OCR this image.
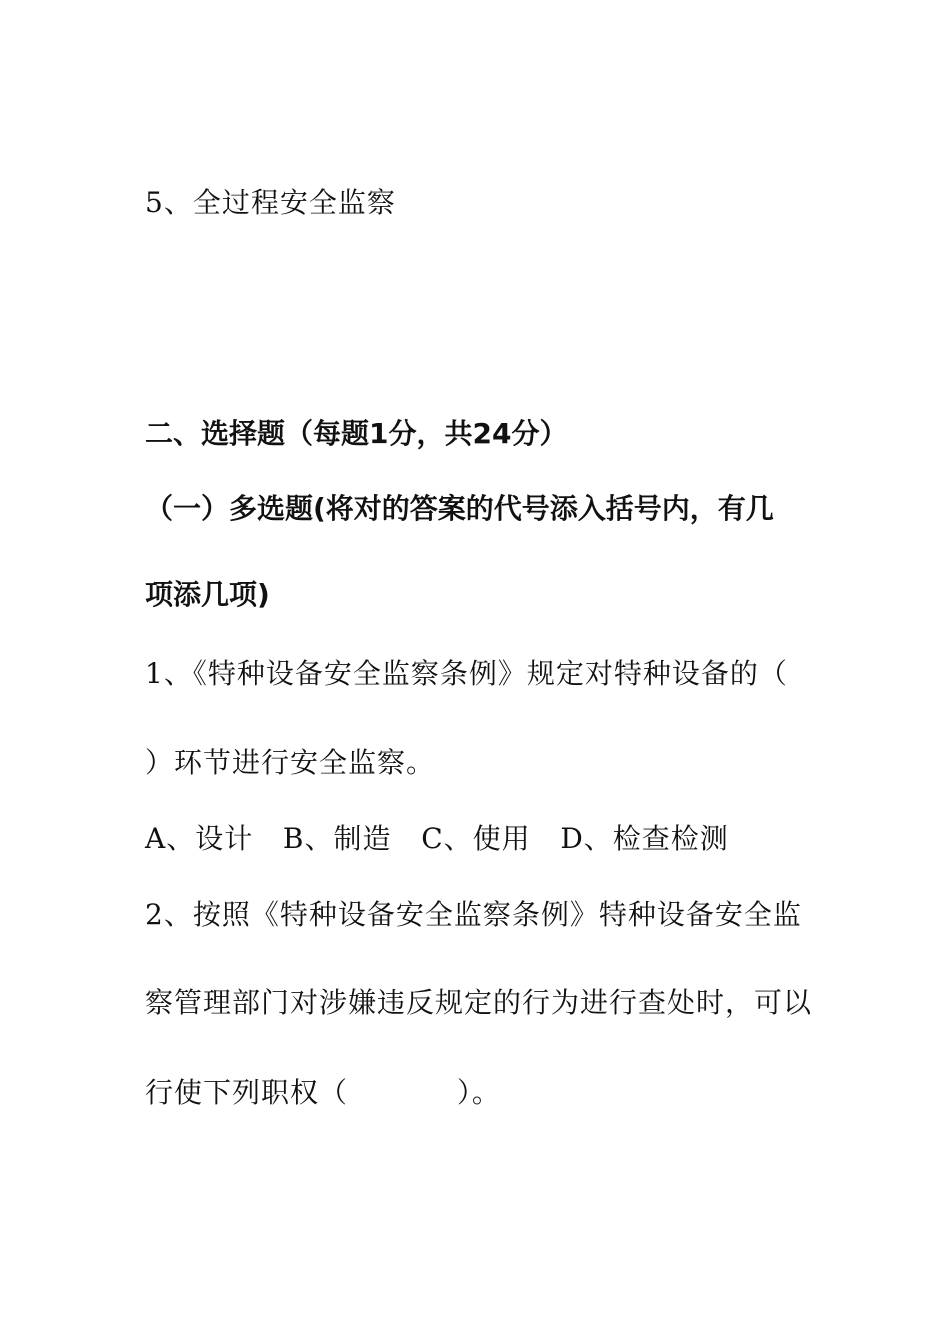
5、全过程安全监察
二、选择题（每题1分，共24分）
（一）多选题(将对的答案的代号添入括号内，有几
项添几项)
1、《特种设备安全监察条例》规定对特种设备的（
）环节进行安全监察。
A、设计   B、制造   C、使用   D、检查检测
2、按照《特种设备安全监察条例》特种设备安全监
察管理部门对涉嫌违反规定的行为进行查处时，可以
行使下列职权（           ）。
